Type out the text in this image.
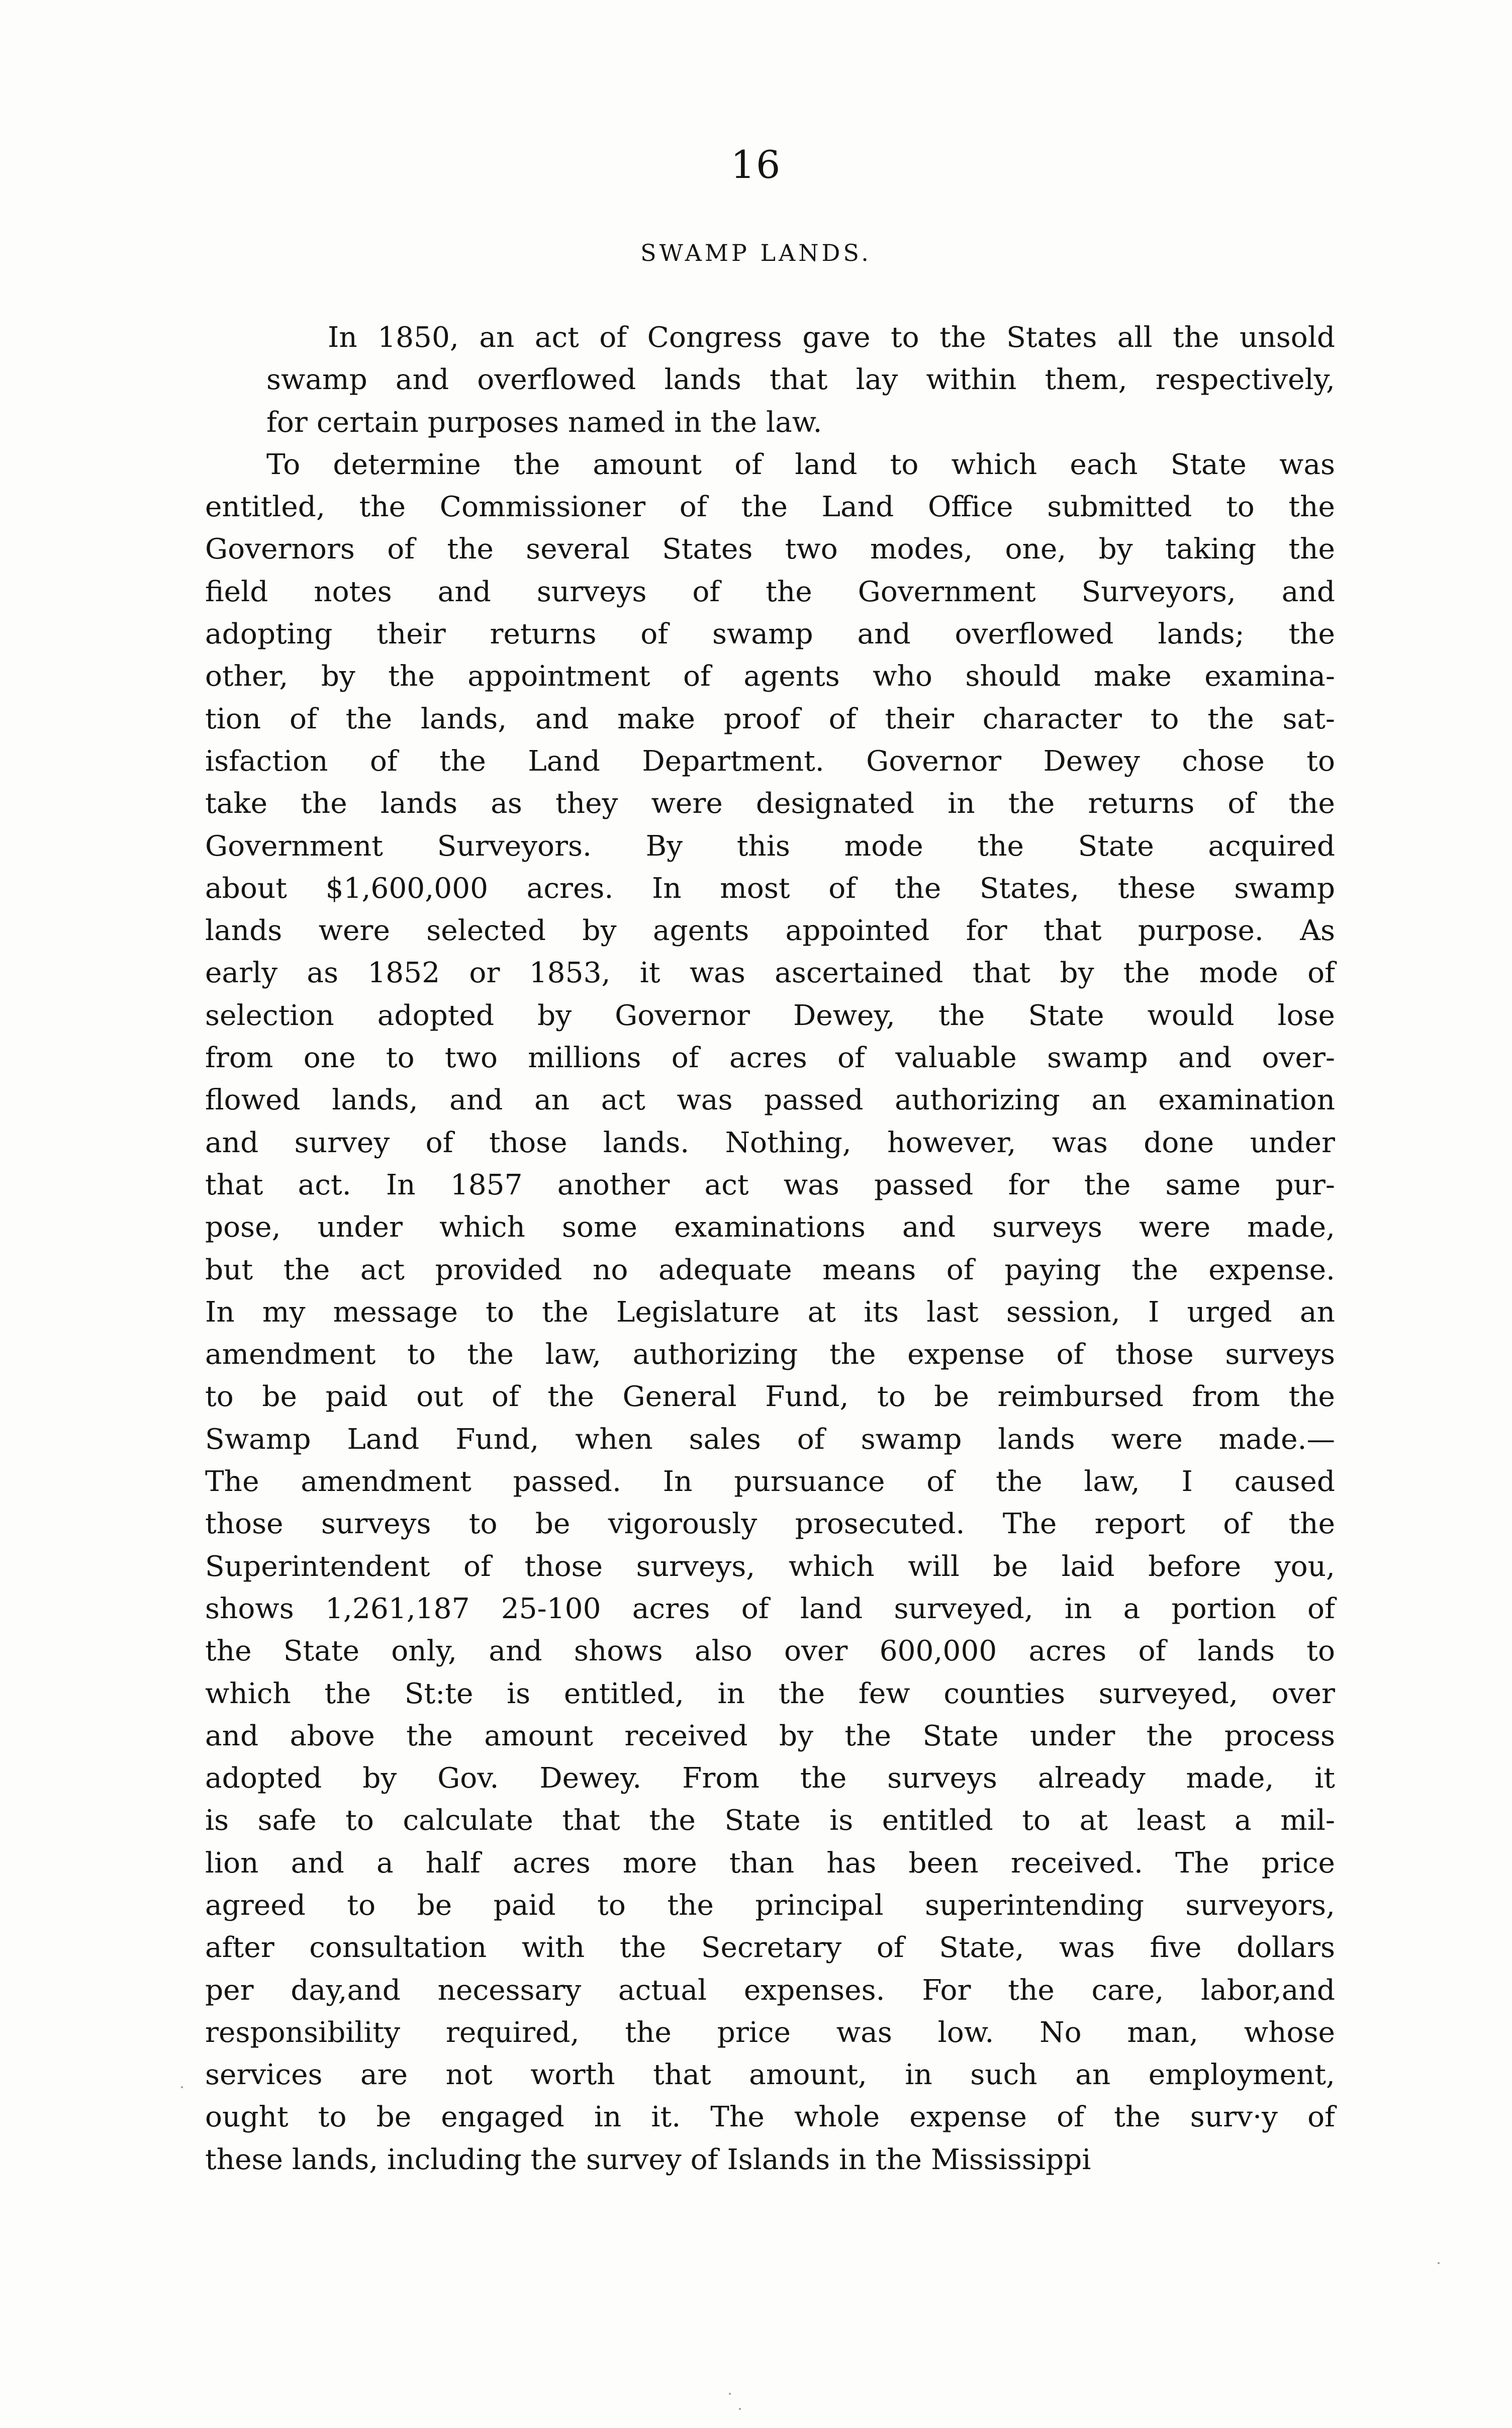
16
SWAMP LANDS.
In 1850, an act of Congress gave to the States all the unsold
swamp and overflowed lands that lay within them, respectively,
for certain purposes named in the law.
To determine the amount of land to which each State was
entitled, the Commissioner of the Land Office submitted to the
Governors of the several States two modes, one, by taking the
field notes and surveys of the Government Surveyors, and
adopting their returns of swamp and overflowed lands; the
other, by the appointment of agents who should make examina-
tion of the lands, and make proof of their character to the sat-
isfaction of the Land Department. Governor Dewey chose to
take the lands as they were designated in the returns of the
Government Surveyors. By this mode the State acquired
about $1,600,000 acres. In most of the States, these swamp
lands were selected by agents appointed for that purpose. As
early as 1852 or 1853, it was ascertained that by the mode of
selection adopted by Governor Dewey, the State would lose
from one to two millions of acres of valuable swamp and over-
flowed lands, and an act was passed authorizing an examination
and survey of those lands. Nothing, however, was done under
that act. In 1857 another act was passed for the same pur-
pose, under which some examinations and surveys were made,
but the act provided no adequate means of paying the expense.
In my message to the Legislature at its last session, I urged an
amendment to the law, authorizing the expense of those surveys
to be paid out of the General Fund, to be reimbursed from the
Swamp Land Fund, when sales of swamp lands were made.—
The amendment passed. In pursuance of the law, I caused
those surveys to be vigorously prosecuted. The report of the
Superintendent of those surveys, which will be laid before you,
shows 1,261,187 25-100 acres of land surveyed, in a portion of
the State only, and shows also over 600,000 acres of lands to
which the St:te is entitled, in the few counties surveyed, over
and above the amount received by the State under the process
adopted by Gov. Dewey. From the surveys already made, it
is safe to calculate that the State is entitled to at least a mil-
lion and a half acres more than has been received. The price
agreed to be paid to the principal superintending surveyors,
after consultation with the Secretary of State, was five dollars
per day,and necessary actual expenses. For the care, labor,and
responsibility required, the price was low. No man, whose
services are not worth that amount, in such an employment,
ought to be engaged in it. The whole expense of the surv·y of
these lands, including the survey of Islands in the Mississippi
